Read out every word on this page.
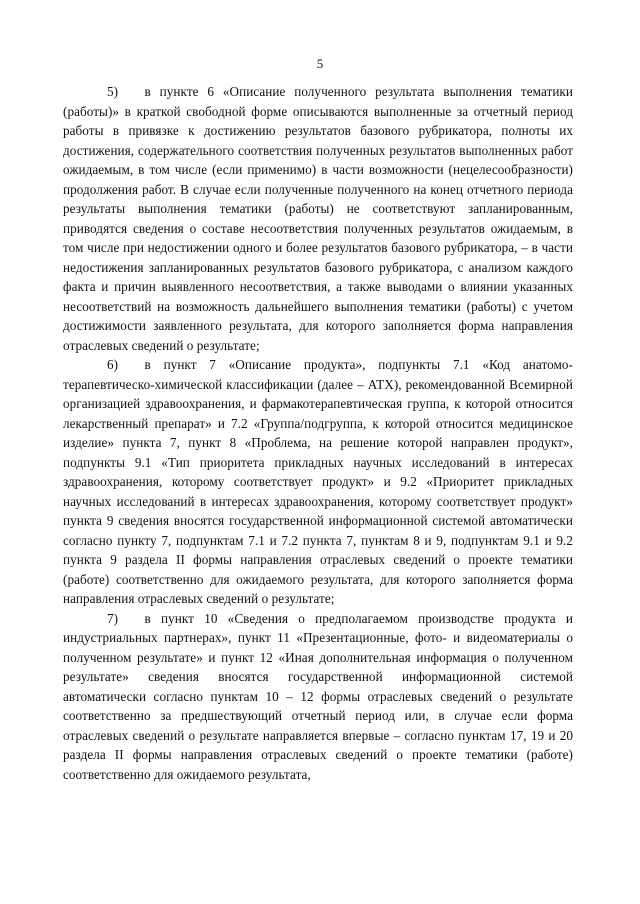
5

5)  в пункте 6 «Описание полученного результата выполнения тематики (работы)» в краткой свободной форме описываются выполненные за отчетный период работы в привязке к достижению результатов базового рубрикатора, полноты их достижения, содержательного соответствия полученных результатов выполненных работ ожидаемым, в том числе (если применимо) в части возможности (нецелесообразности) продолжения работ. В случае если полученные полученного на конец отчетного периода результаты выполнения тематики (работы) не соответствуют запланированным, приводятся сведения о составе несоответствия полученных результатов ожидаемым, в том числе при недостижении одного и более результатов базового рубрикатора, – в части недостижения запланированных результатов базового рубрикатора, с анализом каждого факта и причин выявленного несоответствия, а также выводами о влиянии указанных несоответствий на возможность дальнейшего выполнения тематики (работы) с учетом достижимости заявленного результата, для которого заполняется форма направления отраслевых сведений о результате;

6)  в пункт 7 «Описание продукта», подпункты 7.1 «Код анатомо-терапевтическо-химической классификации (далее – АТХ), рекомендованной Всемирной организацией здравоохранения, и фармакотерапевтическая группа, к которой относится лекарственный препарат» и 7.2 «Группа/подгруппа, к которой относится медицинское изделие» пункта 7, пункт 8 «Проблема, на решение которой направлен продукт», подпункты 9.1 «Тип приоритета прикладных научных исследований в интересах здравоохранения, которому соответствует продукт» и 9.2 «Приоритет прикладных научных исследований в интересах здравоохранения, которому соответствует продукт» пункта 9 сведения вносятся государственной информационной системой автоматически согласно пункту 7, подпунктам 7.1 и 7.2 пункта 7, пунктам 8 и 9, подпунктам 9.1 и 9.2 пункта 9 раздела II формы направления отраслевых сведений о проекте тематики (работе) соответственно для ожидаемого результата, для которого заполняется форма направления отраслевых сведений о результате;

7)  в пункт 10 «Сведения о предполагаемом производстве продукта и индустриальных партнерах», пункт 11 «Презентационные, фото- и видеоматериалы о полученном результате» и пункт 12 «Иная дополнительная информация о полученном результате» сведения вносятся государственной информационной системой автоматически согласно пунктам 10 – 12 формы отраслевых сведений о результате соответственно за предшествующий отчетный период или, в случае если форма отраслевых сведений о результате направляется впервые – согласно пунктам 17, 19 и 20 раздела II формы направления отраслевых сведений о проекте тематики (работе) соответственно для ожидаемого результата,
